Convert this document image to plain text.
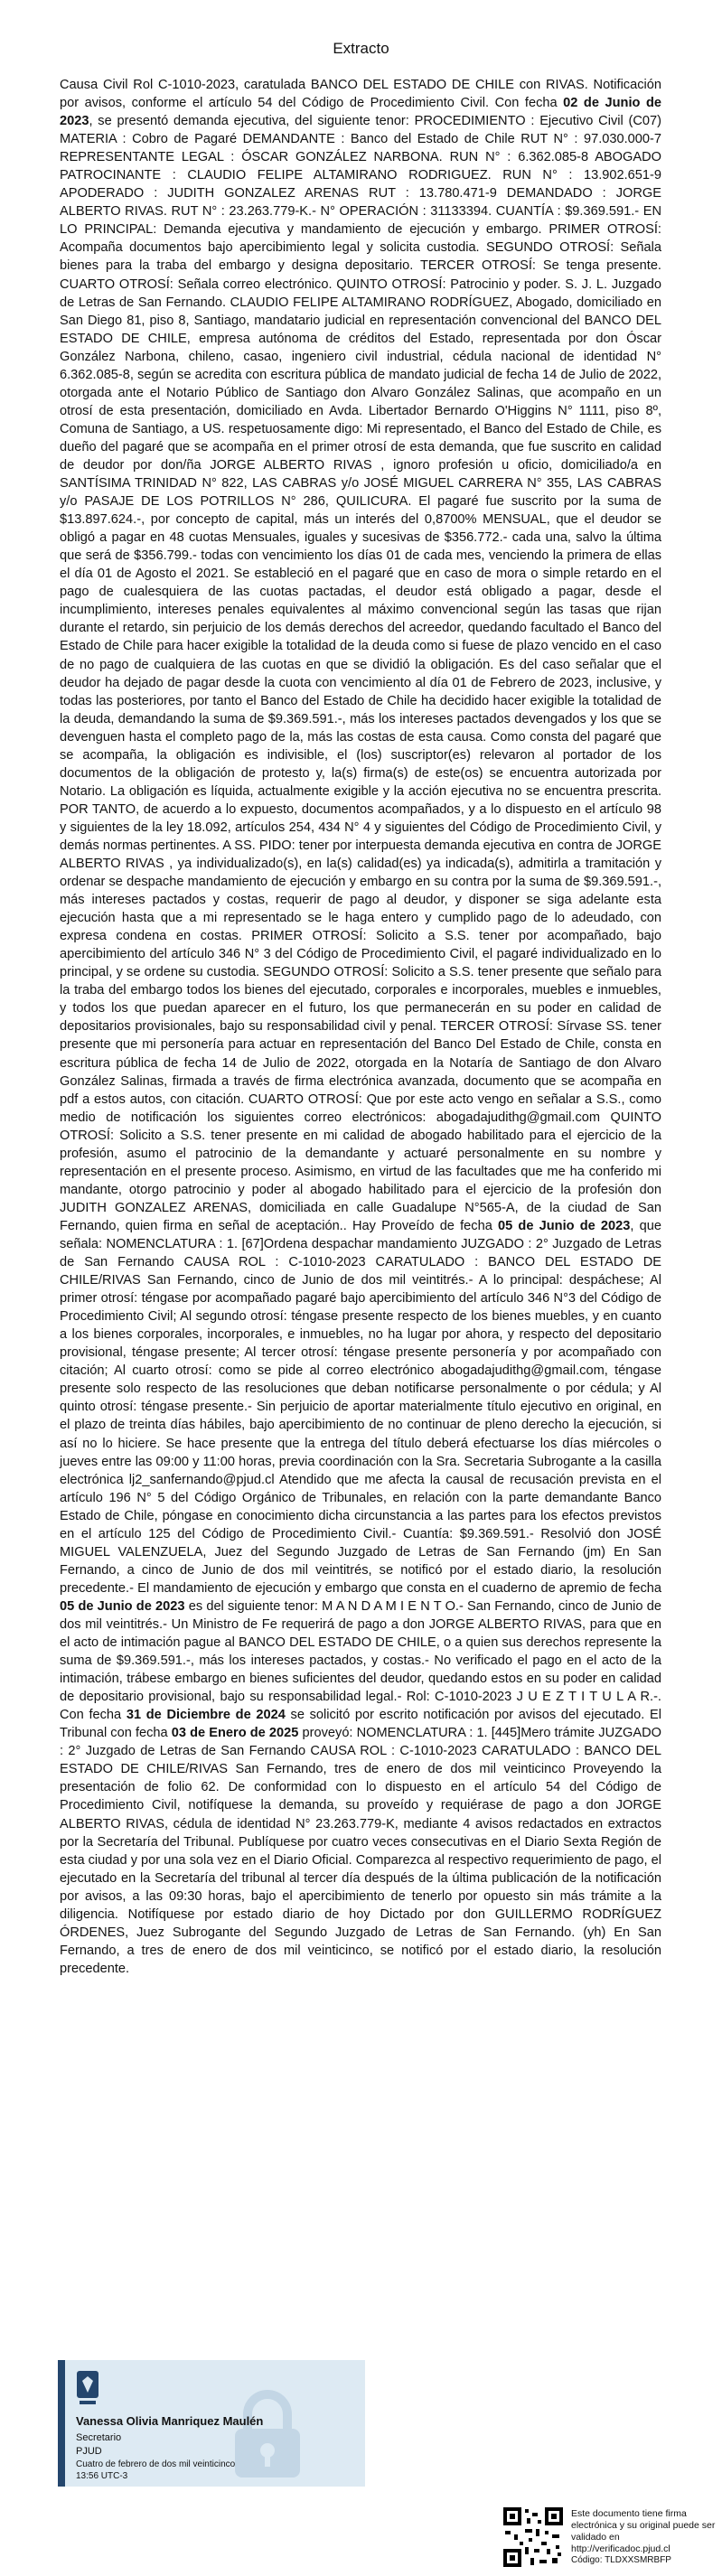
Extracto
Causa Civil Rol C-1010-2023, caratulada BANCO DEL ESTADO DE CHILE con RIVAS. Notificación por avisos, conforme el artículo 54 del Código de Procedimiento Civil. Con fecha 02 de Junio de 2023, se presentó demanda ejecutiva, del siguiente tenor: PROCEDIMIENTO : Ejecutivo Civil (C07) MATERIA : Cobro de Pagaré DEMANDANTE : Banco del Estado de Chile RUT N° : 97.030.000-7 REPRESENTANTE LEGAL : ÓSCAR GONZÁLEZ NARBONA. RUN N° : 6.362.085-8 ABOGADO PATROCINANTE : CLAUDIO FELIPE ALTAMIRANO RODRIGUEZ. RUN N° : 13.902.651-9 APODERADO : JUDITH GONZALEZ ARENAS RUT : 13.780.471-9 DEMANDADO : JORGE ALBERTO RIVAS. RUT N° : 23.263.779-K.- N° OPERACIÓN : 31133394. CUANTÍA : $9.369.591.- EN LO PRINCIPAL: Demanda ejecutiva y mandamiento de ejecución y embargo. PRIMER OTROSÍ: Acompaña documentos bajo apercibimiento legal y solicita custodia. SEGUNDO OTROSÍ: Señala bienes para la traba del embargo y designa depositario. TERCER OTROSÍ: Se tenga presente. CUARTO OTROSÍ: Señala correo electrónico. QUINTO OTROSÍ: Patrocinio y poder. S. J. L. Juzgado de Letras de San Fernando. CLAUDIO FELIPE ALTAMIRANO RODRÍGUEZ, Abogado, domiciliado en San Diego 81, piso 8, Santiago, mandatario judicial en representación convencional del BANCO DEL ESTADO DE CHILE, empresa autónoma de créditos del Estado, representada por don Óscar González Narbona, chileno, casao, ingeniero civil industrial, cédula nacional de identidad N° 6.362.085-8, según se acredita con escritura pública de mandato judicial de fecha 14 de Julio de 2022, otorgada ante el Notario Público de Santiago don Alvaro González Salinas, que acompaño en un otrosí de esta presentación, domiciliado en Avda. Libertador Bernardo O'Higgins N° 1111, piso 8º, Comuna de Santiago, a US. respetuosamente digo: Mi representado, el Banco del Estado de Chile, es dueño del pagaré que se acompaña en el primer otrosí de esta demanda, que fue suscrito en calidad de deudor por don/ña JORGE ALBERTO RIVAS , ignoro profesión u oficio, domiciliado/a en SANTÍSIMA TRINIDAD N° 822, LAS CABRAS y/o JOSÉ MIGUEL CARRERA N° 355, LAS CABRAS y/o PASAJE DE LOS POTRILLOS N° 286, QUILICURA. El pagaré fue suscrito por la suma de $13.897.624.-, por concepto de capital, más un interés del 0,8700% MENSUAL, que el deudor se obligó a pagar en 48 cuotas Mensuales, iguales y sucesivas de $356.772.- cada una, salvo la última que será de $356.799.- todas con vencimiento los días 01 de cada mes, venciendo la primera de ellas el día 01 de Agosto el 2021. Se estableció en el pagaré que en caso de mora o simple retardo en el pago de cualesquiera de las cuotas pactadas, el deudor está obligado a pagar, desde el incumplimiento, intereses penales equivalentes al máximo convencional según las tasas que rijan durante el retardo, sin perjuicio de los demás derechos del acreedor, quedando facultado el Banco del Estado de Chile para hacer exigible la totalidad de la deuda como si fuese de plazo vencido en el caso de no pago de cualquiera de las cuotas en que se dividió la obligación. Es del caso señalar que el deudor ha dejado de pagar desde la cuota con vencimiento al día 01 de Febrero de 2023, inclusive, y todas las posteriores, por tanto el Banco del Estado de Chile ha decidido hacer exigible la totalidad de la deuda, demandando la suma de $9.369.591.-, más los intereses pactados devengados y los que se devenguen hasta el completo pago de la, más las costas de esta causa. Como consta del pagaré que se acompaña, la obligación es indivisible, el (los) suscriptor(es) relevaron al portador de los documentos de la obligación de protesto y, la(s) firma(s) de este(os) se encuentra autorizada por Notario. La obligación es líquida, actualmente exigible y la acción ejecutiva no se encuentra prescrita. POR TANTO, de acuerdo a lo expuesto, documentos acompañados, y a lo dispuesto en el artículo 98 y siguientes de la ley 18.092, artículos 254, 434 N° 4 y siguientes del Código de Procedimiento Civil, y demás normas pertinentes. A SS. PIDO: tener por interpuesta demanda ejecutiva en contra de JORGE ALBERTO RIVAS , ya individualizado(s), en la(s) calidad(es) ya indicada(s), admitirla a tramitación y ordenar se despache mandamiento de ejecución y embargo en su contra por la suma de $9.369.591.-, más intereses pactados y costas, requerir de pago al deudor, y disponer se siga adelante esta ejecución hasta que a mi representado se le haga entero y cumplido pago de lo adeudado, con expresa condena en costas. PRIMER OTROSÍ: Solicito a S.S. tener por acompañado, bajo apercibimiento del artículo 346 N° 3 del Código de Procedimiento Civil, el pagaré individualizado en lo principal, y se ordene su custodia. SEGUNDO OTROSÍ: Solicito a S.S. tener presente que señalo para la traba del embargo todos los bienes del ejecutado, corporales e incorporales, muebles e inmuebles, y todos los que puedan aparecer en el futuro, los que permanecerán en su poder en calidad de depositarios provisionales, bajo su responsabilidad civil y penal. TERCER OTROSÍ: Sírvase SS. tener presente que mi personería para actuar en representación del Banco Del Estado de Chile, consta en escritura pública de fecha 14 de Julio de 2022, otorgada en la Notaría de Santiago de don Alvaro González Salinas, firmada a través de firma electrónica avanzada, documento que se acompaña en pdf a estos autos, con citación. CUARTO OTROSÍ: Que por este acto vengo en señalar a S.S., como medio de notificación los siguientes correo electrónicos: abogadajudithg@gmail.com QUINTO OTROSÍ: Solicito a S.S. tener presente en mi calidad de abogado habilitado para el ejercicio de la profesión, asumo el patrocinio de la demandante y actuaré personalmente en su nombre y representación en el presente proceso. Asimismo, en virtud de las facultades que me ha conferido mi mandante, otorgo patrocinio y poder al abogado habilitado para el ejercicio de la profesión don JUDITH GONZALEZ ARENAS, domiciliada en calle Guadalupe N°565-A, de la ciudad de San Fernando, quien firma en señal de aceptación.. Hay Proveído de fecha 05 de Junio de 2023, que señala: NOMENCLATURA : 1. [67]Ordena despachar mandamiento JUZGADO : 2° Juzgado de Letras de San Fernando CAUSA ROL : C-1010-2023 CARATULADO : BANCO DEL ESTADO DE CHILE/RIVAS San Fernando, cinco de Junio de dos mil veintitrés.- A lo principal: despáchese; Al primer otrosí: téngase por acompañado pagaré bajo apercibimiento del artículo 346 N°3 del Código de Procedimiento Civil; Al segundo otrosí: téngase presente respecto de los bienes muebles, y en cuanto a los bienes corporales, incorporales, e inmuebles, no ha lugar por ahora, y respecto del depositario provisional, téngase presente; Al tercer otrosí: téngase presente personería y por acompañado con citación; Al cuarto otrosí: como se pide al correo electrónico abogadajudithg@gmail.com, téngase presente solo respecto de las resoluciones que deban notificarse personalmente o por cédula; y Al quinto otrosí: téngase presente.- Sin perjuicio de aportar materialmente título ejecutivo en original, en el plazo de treinta días hábiles, bajo apercibimiento de no continuar de pleno derecho la ejecución, si así no lo hiciere. Se hace presente que la entrega del título deberá efectuarse los días miércoles o jueves entre las 09:00 y 11:00 horas, previa coordinación con la Sra. Secretaria Subrogante a la casilla electrónica lj2_sanfernando@pjud.cl Atendido que me afecta la causal de recusación prevista en el artículo 196 N° 5 del Código Orgánico de Tribunales, en relación con la parte demandante Banco Estado de Chile, póngase en conocimiento dicha circunstancia a las partes para los efectos previstos en el artículo 125 del Código de Procedimiento Civil.- Cuantía: $9.369.591.- Resolvió don JOSÉ MIGUEL VALENZUELA, Juez del Segundo Juzgado de Letras de San Fernando (jm) En San Fernando, a cinco de Junio de dos mil veintitrés, se notificó por el estado diario, la resolución precedente.- El mandamiento de ejecución y embargo que consta en el cuaderno de apremio de fecha 05 de Junio de 2023 es del siguiente tenor: M A N D A M I E N T O.- San Fernando, cinco de Junio de dos mil veintitrés.- Un Ministro de Fe requerirá de pago a don JORGE ALBERTO RIVAS, para que en el acto de intimación pague al BANCO DEL ESTADO DE CHILE, o a quien sus derechos represente la suma de $9.369.591.-, más los intereses pactados, y costas.- No verificado el pago en el acto de la intimación, trábese embargo en bienes suficientes del deudor, quedando estos en su poder en calidad de depositario provisional, bajo su responsabilidad legal.- Rol: C-1010-2023 J U E Z T I T U L A R.-. Con fecha 31 de Diciembre de 2024 se solicitó por escrito notificación por avisos del ejecutado. El Tribunal con fecha 03 de Enero de 2025 proveyó: NOMENCLATURA : 1. [445]Mero trámite JUZGADO : 2° Juzgado de Letras de San Fernando CAUSA ROL : C-1010-2023 CARATULADO : BANCO DEL ESTADO DE CHILE/RIVAS San Fernando, tres de enero de dos mil veinticinco Proveyendo la presentación de folio 62. De conformidad con lo dispuesto en el artículo 54 del Código de Procedimiento Civil, notifíquese la demanda, su proveído y requiérase de pago a don JORGE ALBERTO RIVAS, cédula de identidad N° 23.263.779-K, mediante 4 avisos redactados en extractos por la Secretaría del Tribunal. Publíquese por cuatro veces consecutivas en el Diario Sexta Región de esta ciudad y por una sola vez en el Diario Oficial. Comparezca al respectivo requerimiento de pago, el ejecutado en la Secretaría del tribunal al tercer día después de la última publicación de la notificación por avisos, a las 09:30 horas, bajo el apercibimiento de tenerlo por opuesto sin más trámite a la diligencia. Notifíquese por estado diario de hoy Dictado por don GUILLERMO RODRÍGUEZ ÓRDENES, Juez Subrogante del Segundo Juzgado de Letras de San Fernando. (yh) En San Fernando, a tres de enero de dos mil veinticinco, se notificó por el estado diario, la resolución precedente.
Vanessa Olivia Manriquez Maulén
Secretario
PJUD
Cuatro de febrero de dos mil veinticinco
13:56 UTC-3
Este documento tiene firma electrónica y su original puede ser validado en http://verificadoc.pjud.cl
Código: TLDXXSMRBFP
